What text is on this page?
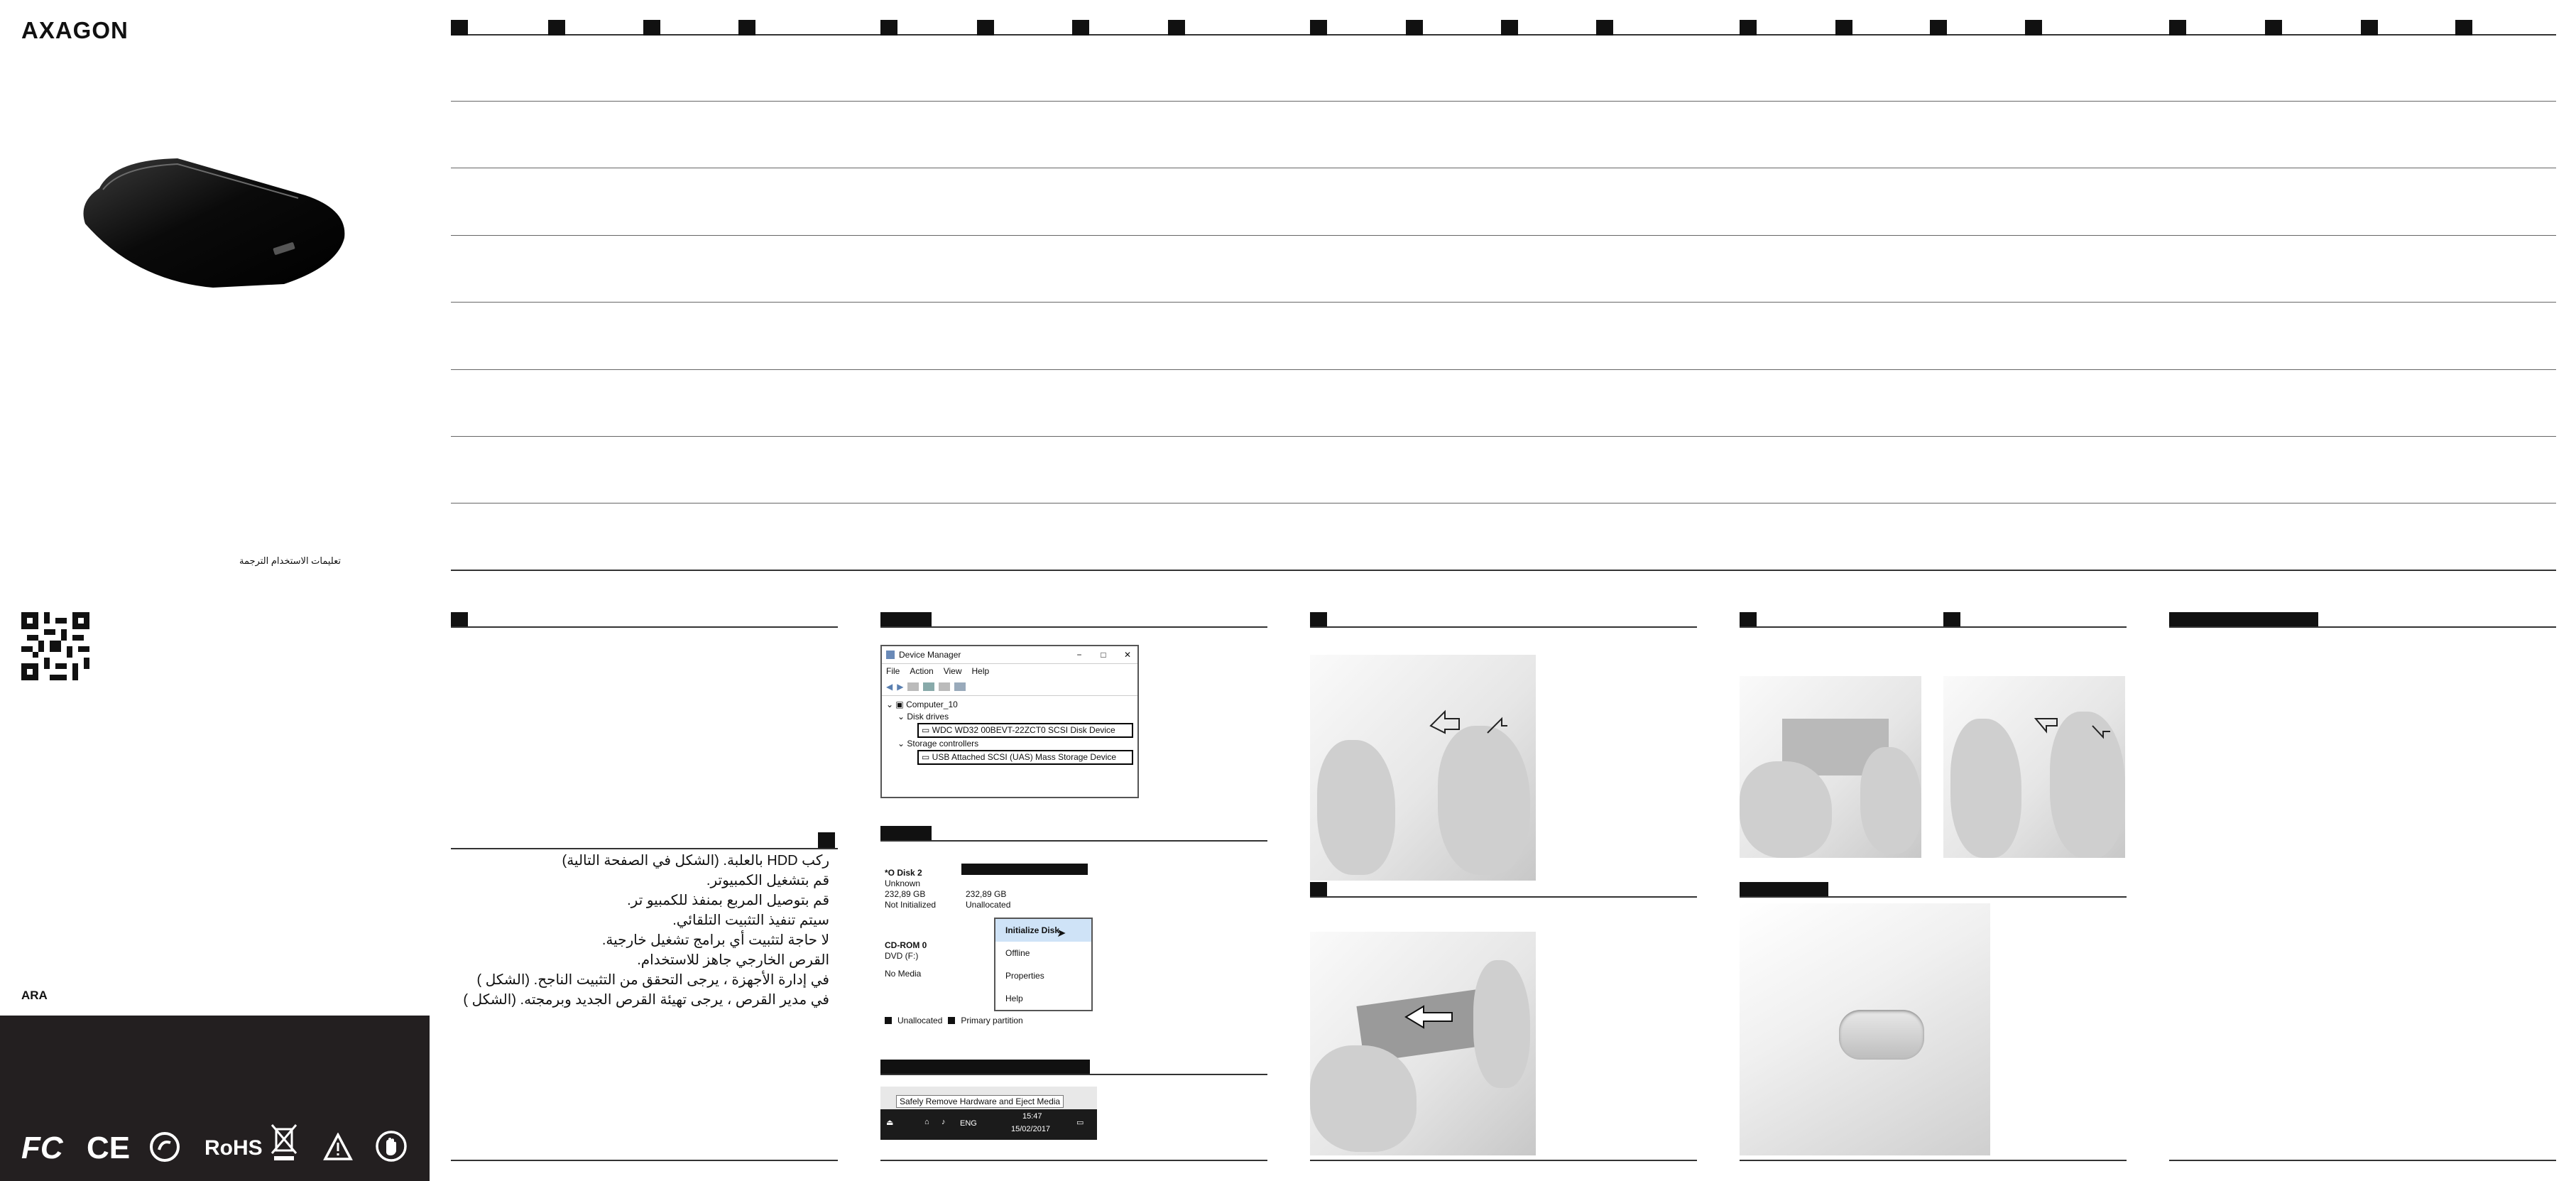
AXAGON
تعليمات الاستخدام الترجمة
ARA
FC CE	RoHS
ركب HDD بالعلبة. (الشكل في الصفحة التالية)
قم بتشغيل الكمبيوتر.
قم بتوصيل المربع بمنفذ للكمبيو تر.
سيتم تنفيذ التثبيت التلقائي.
لا حاجة لتثبيت أي برامج تشغيل خارجية.
القرص الخارجي جاهز للاستخدام.
في إدارة الأجهزة ، يرجى التحقق من التثبيت الناجح. (الشكل )
في مدير القرص ، يرجى تهيئة القرص الجديد وبرمجته. (الشكل )
Device Manager	−	□	✕
File Action View Help
◀ ▶
⌄ ▣ Computer_10
⌄ Disk drives
▭ WDC WD32 00BEVT-22ZCT0 SCSI Disk Device
⌄ Storage controllers
▭ USB Attached SCSI (UAS) Mass Storage Device
*O Disk 2
Unknown
232,89 GB
Not Initialized
232,89 GB
Unallocated
Initialize Disk
Offline
Properties
Help
➤
CD-ROM 0
DVD (F:)
No Media
Unallocated Primary partition
Safely Remove Hardware and Eject Media
⏏	⌂ ♪ ENG
15:47
15/02/2017
▭
